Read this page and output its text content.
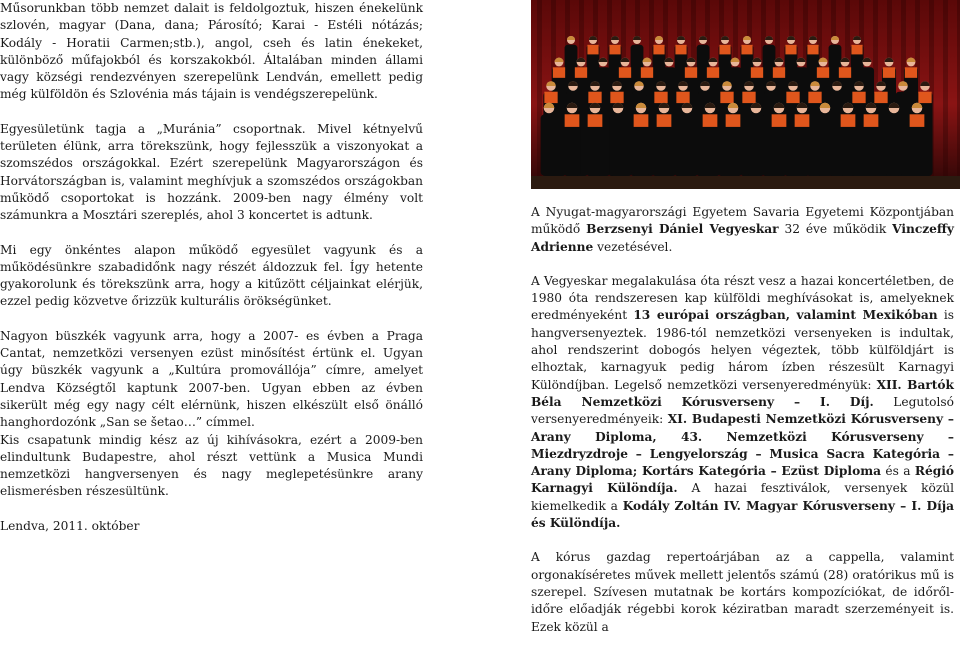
Műsorunkban több nemzet dalait is feldolgoztuk, hiszen énekelünk szlovén, magyar (Dana, dana; Párosító; Karai - Estéli nótázás; Kodály - Horatii Carmen;stb.), angol, cseh és latin énekeket, különböző műfajokból és korszakokból. Általában minden állami vagy községi rendezvényen szerepelünk Lendván, emellett pedig még külföldön és Szlovénia más tájain is vendégszerepelünk.

Egyesületünk tagja a „Muránia” csoportnak. Mivel kétnyelvű területen élünk, arra törekszünk, hogy fejlesszük a viszonyokat a szomszédos országokkal. Ezért szerepelünk Magyarországon és Horvátországban is, valamint meghívjuk a szomszédos országokban működő csoportokat is hozzánk. 2009-ben nagy élmény volt számunkra a Mosztári szereplés, ahol 3 koncertet is adtunk.

Mi egy önkéntes alapon működő egyesület vagyunk és a működésünkre szabadidőnk nagy részét áldozzuk fel. Így hetente gyakorolunk és törekszünk arra, hogy a kitűzött céljainkat elérjük, ezzel pedig közvetve őrizzük kulturális örökségünket.

Nagyon büszkék vagyunk arra, hogy a 2007- es évben a Praga Cantat, nemzetközi versenyen ezüst minősítést értünk el. Ugyan úgy büszkék vagyunk a „Kultúra promovállója” címre, amelyet Lendva Községtől kaptunk 2007-ben. Ugyan ebben az évben sikerült még egy nagy célt elérnünk, hiszen elkészült első önálló hanghordozónk „San se šetao…” címmel.

Kis csapatunk mindig kész az új kihívásokra, ezért a 2009-ben elindultunk Budapestre, ahol részt vettünk a Musica Mundi nemzetközi hangversenyen és nagy meglepetésünkre arany elismerésben részesültünk.

Lendva, 2011. október

A Nyugat-magyarországi Egyetem Savaria Egyetemi Központjában működő Berzsenyi Dániel Vegyeskar 32 éve működik Vinczeffy Adrienne vezetésével.

A Vegyeskar megalakulása óta részt vesz a hazai koncertéletben, de 1980 óta rendszeresen kap külföldi meghívásokat is, amelyeknek eredményeként 13 európai országban, valamint Mexikóban is hangversenyeztek. 1986-tól nemzetközi versenyeken is indultak, ahol rendszerint dobogós helyen végeztek, több külföldjárt is elhoztak, karnagyuk pedig három ízben részesült Karnagyi Különdíjban. Legelső nemzetközi versenyeredményük: XII. Bartók Béla Nemzetközi Kórusverseny – I. Díj. Legutolsó versenyeredményeik: XI. Budapesti Nemzetközi Kórusverseny – Arany Diploma, 43. Nemzetközi Kórusverseny – Miezdryzdroje – Lengyelország – Musica Sacra Kategória – Arany Diploma; Kortárs Kategória – Ezüst Diploma és a Régió Karnagyi Különdíja. A hazai fesztiválok, versenyek közül kiemelkedik a Kodály Zoltán IV. Magyar Kórusverseny – I. Díja és Különdíja.

A kórus gazdag repertoárjában az a cappella, valamint orgonakíséretes művek mellett jelentős számú (28) oratórikus mű is szerepel. Szívesen mutatnak be kortárs kompozíciókat, de időről-időre előadják régebbi korok kéziratban maradt szerzeményeit is. Ezek közül a
